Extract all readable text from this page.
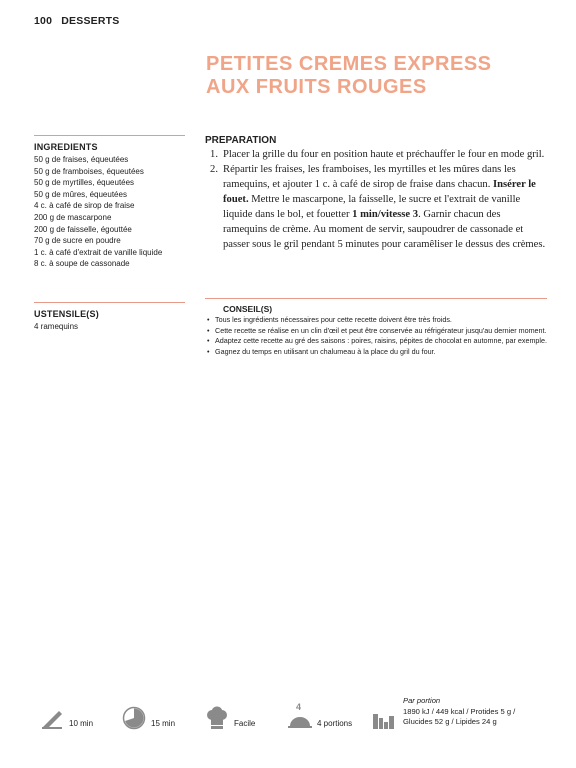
100 DESSERTS
PETITES CREMES EXPRESS
AUX FRUITS ROUGES
INGREDIENTS
50 g de fraises, équeutées
50 g de framboises, équeutées
50 g de myrtilles, équeutées
50 g de mûres, équeutées
4 c. à café de sirop de fraise
200 g de mascarpone
200 g de faisselle, égouttée
70 g de sucre en poudre
1 c. à café d'extrait de vanille liquide
8 c. à soupe de cassonade
USTENSILE(S)
4 ramequins
PREPARATION
1. Placer la grille du four en position haute et préchauffer le four en mode gril.
2. Répartir les fraises, les framboises, les myrtilles et les mûres dans les ramequins, et ajouter 1 c. à café de sirop de fraise dans chacun. Insérer le fouet. Mettre le mascarpone, la faisselle, le sucre et l'extrait de vanille liquide dans le bol, et fouetter 1 min/vitesse 3. Garnir chacun des ramequins de crème. Au moment de servir, saupoudrer de cassonade et passer sous le gril pendant 5 minutes pour caramêliser le dessus des crèmes.
CONSEIL(S)
• Tous les ingrédients nécessaires pour cette recette doivent être très froids.
• Cette recette se réalise en un clin d'œil et peut être conservée au réfrigérateur jusqu'au dernier moment.
• Adaptez cette recette au gré des saisons : poires, raisins, pépites de chocolat en automne, par exemple.
• Gagnez du temps en utilisant un chalumeau à la place du gril du four.
10 min	15 min	Facile
4
4 portions
Par portion
1890 kJ / 449 kcal / Protides 5 g /
Glucides 52 g / Lipides 24 g
